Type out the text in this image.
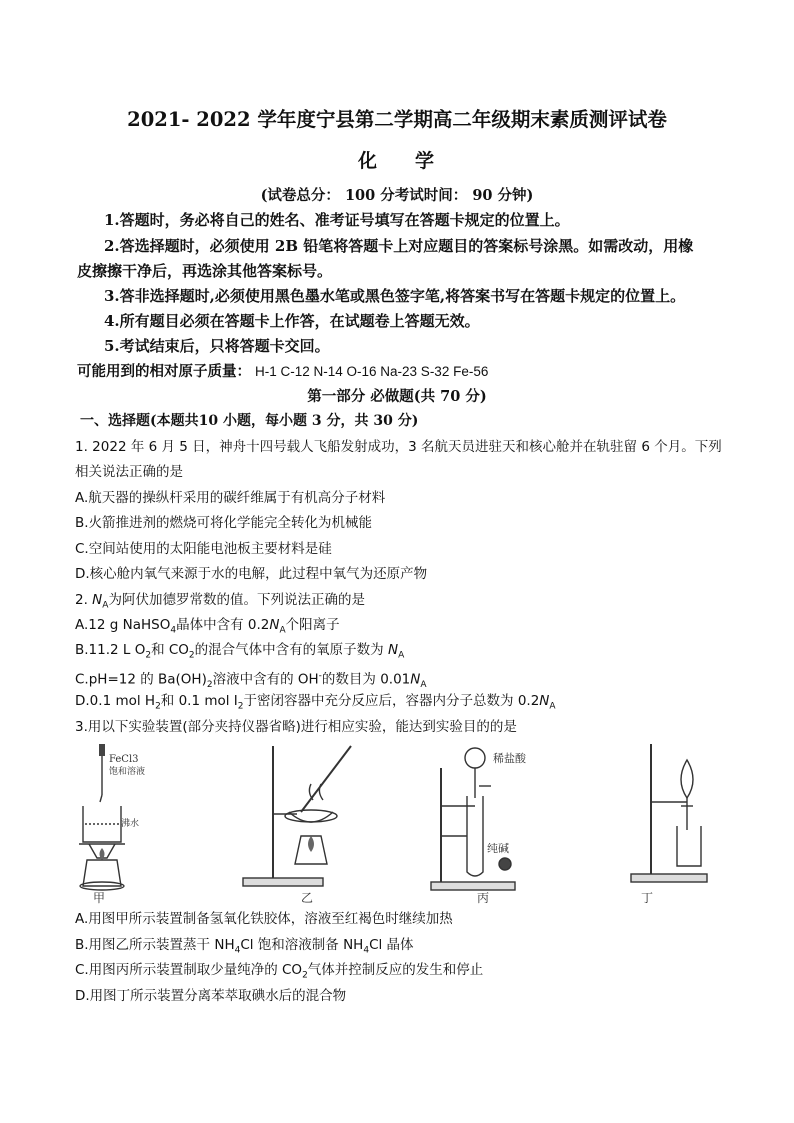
2021- 2022 学年度宁县第二学期高二年级期末素质测评试卷
化 学
(试卷总分： 100 分考试时间： 90 分钟)
1.答题时，务必将自己的姓名、准考证号填写在答题卡规定的位置上。
2.答选择题时，必须使用 2B 铅笔将答题卡上对应题目的答案标号涂黑。如需改动，用橡
皮擦擦干净后，再选涂其他答案标号。
3.答非选择题时,必须使用黑色墨水笔或黑色签字笔,将答案书写在答题卡规定的位置上。
4.所有题目必须在答题卡上作答，在试题卷上答题无效。
5.考试结束后，只将答题卡交回。
可能用到的相对原子质量： H-1 C-12 N-14 O-16 Na-23 S-32 Fe-56
第一部分 必做题(共 70 分)
一、选择题(本题共10 小题，每小题 3 分，共 30 分)
1. 2022 年 6 月 5 日，神舟十四号载人飞船发射成功，3 名航天员进驻天和核心舱并在轨驻留 6 个月。下列
相关说法正确的是
A.航天器的操纵杆采用的碳纤维属于有机高分子材料
B.火箭推进剂的燃烧可将化学能完全转化为机械能
C.空间站使用的太阳能电池板主要材料是硅
D.核心舱内氧气来源于水的电解，此过程中氧气为还原产物
2. $N_A$为阿伏加德罗常数的值。下列说法正确的是
A.12 g NaHSO$_4$晶体中含有 $0.2N_A$个阳离子
B.11.2 L $O_2$和 $CO_2$的混合气体中含有的氧原子数为 $N_A$
C.pH=12 的 $Ba(OH)_2$溶液中含有的 OH-的数目为 $0.01N_A$
D.0.1 mol $H_2$和 0.1 mol $I_2$于密闭容器中充分反应后，容器内分子总数为 $0.2N_A$
3.用以下实验装置(部分夹持仪器省略)进行相应实验，能达到实验目的的是
FeCl3
饱和溶液
沸水
甲	乙
稀盐酸
纯碱
丙	丁
A.用图甲所示装置制备氢氧化铁胶体，溶液至红褐色时继续加热
B.用图乙所示装置蒸干 $NH_4Cl$ 饱和溶液制备 $NH_4Cl$ 晶体
C.用图丙所示装置制取少量纯净的 $CO_2$气体并控制反应的发生和停止
D.用图丁所示装置分离苯萃取碘水后的混合物
